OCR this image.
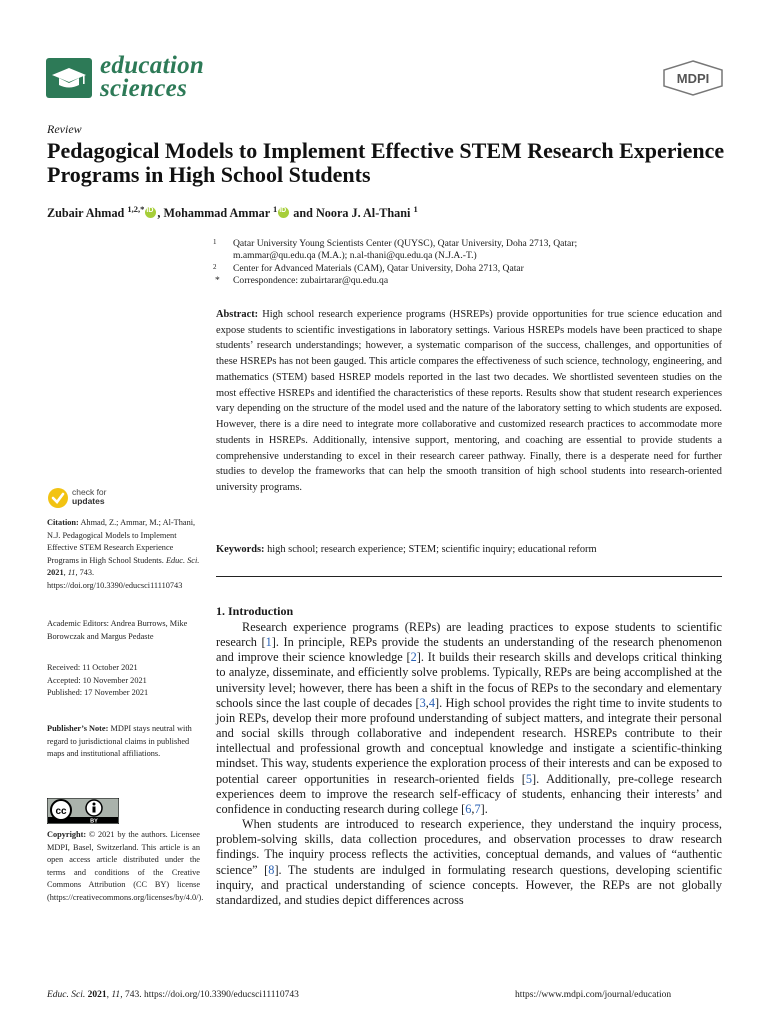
education
sciences	MDPI
Review
Pedagogical Models to Implement Effective STEM Research Experience Programs in High School Students
Zubair Ahmad $^{1,2,*}$iD , Mohammad Ammar $^1$iD and Noora J. Al-Thani $^1$
1 Qatar University Young Scientists Center (QUYSC), Qatar University, Doha 2713, Qatar;
m.ammar@qu.edu.qa (M.A.); n.al-thani@qu.edu.qa (N.J.A.-T.)
2 Center for Advanced Materials (CAM), Qatar University, Doha 2713, Qatar
* Correspondence: zubairtarar@qu.edu.qa
Abstract: High school research experience programs (HSREPs) provide opportunities for true science education and expose students to scientific investigations in laboratory settings. Various HSREPs models have been practiced to shape students’ research understandings; however, a systematic comparison of the success, challenges, and opportunities of these HSREPs has not been gauged. This article compares the effectiveness of such science, technology, engineering, and mathematics (STEM) based HSREP models reported in the last two decades. We shortlisted seventeen studies on the most effective HSREPs and identified the characteristics of these reports. Results show that student research experiences vary depending on the structure of the model used and the nature of the laboratory setting to which students are exposed. However, there is a dire need to integrate more collaborative and customized research practices to accommodate more students in HSREPs. Additionally, intensive support, mentoring, and coaching are essential to provide students a comprehensive understanding to excel in their research career pathway. Finally, there is a desperate need for further studies to develop the frameworks that can help the smooth transition of high school students into research-oriented university programs.
Keywords: high school; research experience; STEM; scientific inquiry; educational reform
check for
updates
Citation: Ahmad, Z.; Ammar, M.; Al-Thani, N.J. Pedagogical Models to Implement Effective STEM Research Experience Programs in High School Students. Educ. Sci. 2021, 11, 743.
https://doi.org/10.3390/educsci11110743
Academic Editors: Andrea Burrows, Mike Borowczak and Margus Pedaste
Received: 11 October 2021
Accepted: 10 November 2021
Published: 17 November 2021
Publisher’s Note: MDPI stays neutral with regard to jurisdictional claims in published maps and institutional affiliations.
cc
BY
Copyright: © 2021 by the authors. Licensee MDPI, Basel, Switzerland. This article is an open access article distributed under the terms and conditions of the Creative Commons Attribution (CC BY) license (https://creativecommons.org/licenses/by/4.0/).
1. Introduction

Research experience programs (REPs) are leading practices to expose students to scientific research [1]. In principle, REPs provide the students an understanding of the research phenomenon and improve their science knowledge [2]. It builds their research skills and develops critical thinking to analyze, disseminate, and efficiently solve problems. Typically, REPs are being accomplished at the university level; however, there has been a shift in the focus of REPs to the secondary and elementary schools since the last couple of decades [3,4]. High school provides the right time to invite students to join REPs, develop their more profound understanding of subject matters, and integrate their personal and social skills through collaborative and independent research. HSREPs contribute to their intellectual and professional growth and conceptual knowledge and instigate a scientific-thinking mindset. This way, students experience the exploration process of their interests and can be exposed to potential career opportunities in research-oriented fields [5]. Additionally, pre-college research experiences deem to improve the research self-efficacy of students, enhancing their interests’ and confidence in conducting research during college [6,7].

When students are introduced to research experience, they understand the inquiry process, problem-solving skills, data collection procedures, and observation processes to draw research findings. The inquiry process reflects the activities, conceptual demands, and values of “authentic science” [8]. The students are indulged in formulating research questions, developing scientific inquiry, and practical understanding of science concepts. However, the REPs are not globally standardized, and studies depict differences across

Educ. Sci. 2021, 11, 743. https://doi.org/10.3390/educsci11110743	https://www.mdpi.com/journal/education
